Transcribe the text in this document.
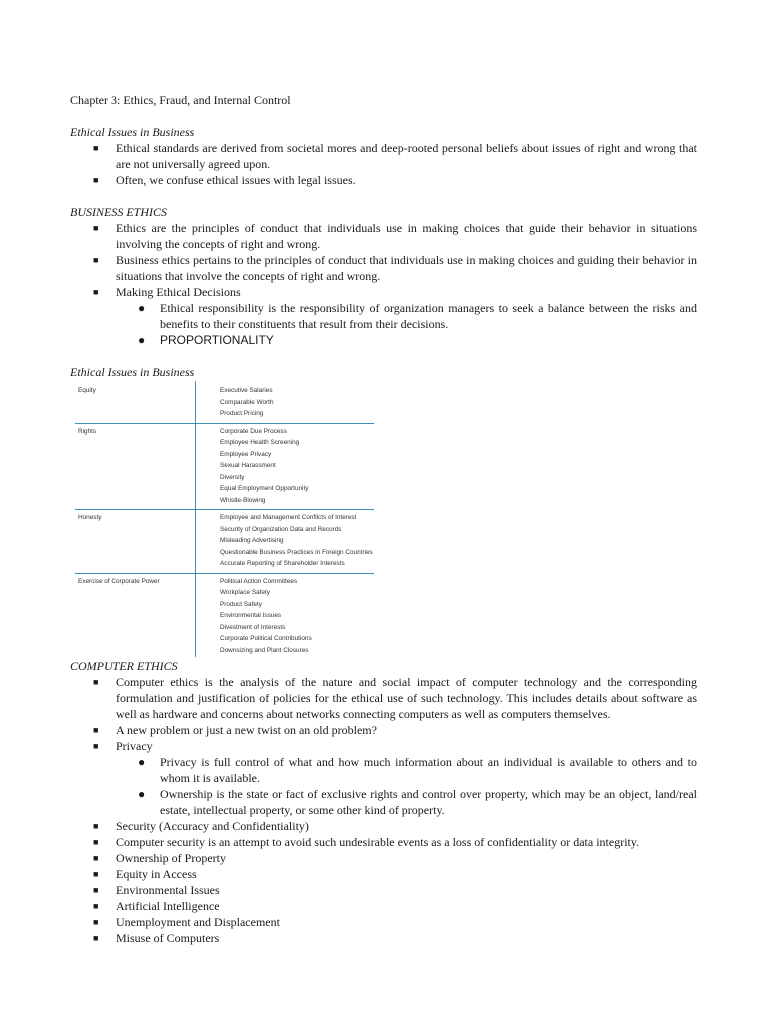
Chapter 3: Ethics, Fraud, and Internal Control
Ethical Issues in Business
■ Ethical standards are derived from societal mores and deep-rooted personal beliefs about issues of right and wrong that are not universally agreed upon.
■ Often, we confuse ethical issues with legal issues.
BUSINESS ETHICS
■ Ethics are the principles of conduct that individuals use in making choices that guide their behavior in situations involving the concepts of right and wrong.
■ Business ethics pertains to the principles of conduct that individuals use in making choices and guiding their behavior in situations that involve the concepts of right and wrong.
■ Making Ethical Decisions
● Ethical responsibility is the responsibility of organization managers to seek a balance between the risks and benefits to their constituents that result from their decisions.
● PROPORTIONALITY
Ethical Issues in Business
Equity	Executive Salaries
Comparable Worth
Product Pricing
Rights	Corporate Due Process
Employee Health Screening
Employee Privacy
Sexual Harassment
Diversity
Equal Employment Opportunity
Whistle-Blowing
Honesty	Employee and Management Conflicts of Interest
Security of Organization Data and Records
Misleading Advertising
Questionable Business Practices in Foreign Countries
Accurate Reporting of Shareholder Interests
Exercise of Corporate Power	Political Action Committees
Workplace Safety
Product Safety
Environmental Issues
Divestment of Interests
Corporate Political Contributions
Downsizing and Plant Closures
COMPUTER ETHICS
■ Computer ethics is the analysis of the nature and social impact of computer technology and the corresponding formulation and justification of policies for the ethical use of such technology. This includes details about software as well as hardware and concerns about networks connecting computers as well as computers themselves.
■ A new problem or just a new twist on an old problem?
■ Privacy
● Privacy is full control of what and how much information about an individual is available to others and to whom it is available.
● Ownership is the state or fact of exclusive rights and control over property, which may be an object, land/real estate, intellectual property, or some other kind of property.
■ Security (Accuracy and Confidentiality)
■ Computer security is an attempt to avoid such undesirable events as a loss of confidentiality or data integrity.
■ Ownership of Property
■ Equity in Access
■ Environmental Issues
■ Artificial Intelligence
■ Unemployment and Displacement
■ Misuse of Computers
